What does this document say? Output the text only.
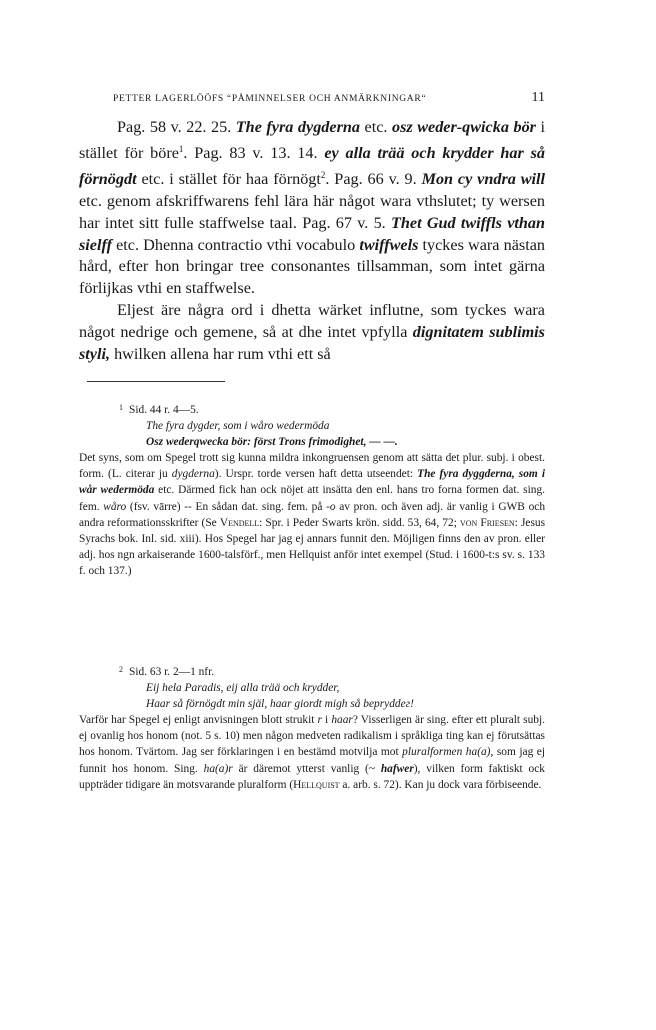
PETTER LAGERLÖÖFS “PÅMINNELSER OCH ANMÄRKNINGAR“	11

Pag. 58 v. 22. 25. The fyra dygderna etc. osz weder-qwicka bör i stället för böre$^1$. Pag. 83 v. 13. 14. ey alla trää och krydder har så förnögdt etc. i stället för haa förnögt$^2$. Pag. 66 v. 9. Mon cy vndra will etc. genom afskriffwarens fehl lära här något wara vthslutet; ty wersen har intet sitt fulle staffwelse taal. Pag. 67 v. 5. Thet Gud twiffls vthan sielff etc. Dhenna contractio vthi vocabulo twiffwels tyckes wara nästan hård, efter hon bringar tree consonantes tillsamman, som intet gärna förlijkas vthi en staffwelse.

Eljest äre några ord i dhetta wärket influtne, som tyckes wara något nedrige och gemene, så at dhe intet vpfylla dignitatem sublimis styli, hwilken allena har rum vthi ett så

$^1$ Sid. 44 r. 4—5.
The fyra dygder, som i wåro wedermöda
Osz wederqwecka bör: först Trons frimodighet, — —.

Det syns, som om Spegel trott sig kunna mildra inkongruensen genom att sätta det plur. subj. i obest. form. (L. citerar ju dygderna). Urspr. torde versen haft detta utseendet: The fyra dyggderna, som i wår wedermöda etc. Därmed fick han ock nöjet att insätta den enl. hans tro forna formen dat. sing. fem. wåro (fsv. vārre) -- En sådan dat. sing. fem. på -o av pron. och även adj. är vanlig i GWB och andra reformationsskrifter (Se Vendell: Spr. i Peder Swarts krön. sidd. 53, 64, 72; von Friesen: Jesus Syrachs bok. Inl. sid. xiii). Hos Spegel har jag ej annars funnit den. Möjligen finns den av pron. eller adj. hos ngn arkaiserande 1600-talsförf., men Hellquist anför intet exempel (Stud. i 1600-t:s sv. s. 133 f. och 137.)

$^2$ Sid. 63 r. 2—1 nfr.
Eij hela Paradis, eij alla trää och krydder,
Haar så förnögdt min själ, haar giordt migh så bepryddег!

Varför har Spegel ej enligt anvisningen blott strukit r i haar? Visserligen är sing. efter ett pluralt subj. ej ovanlig hos honom (not. 5 s. 10) men någon medveten radikalism i språkliga ting kan ej förutsättas hos honom. Tvärtom. Jag ser förklaringen i en bestämd motvilja mot pluralformen ha(a), som jag ej funnit hos honom. Sing. ha(a)r är däremot ytterst vanlig (~ hafwer), vilken form faktiskt ock uppträder tidigare än motsvarande pluralform (Hellquist a. arb. s. 72). Kan ju dock vara förbiseende.
